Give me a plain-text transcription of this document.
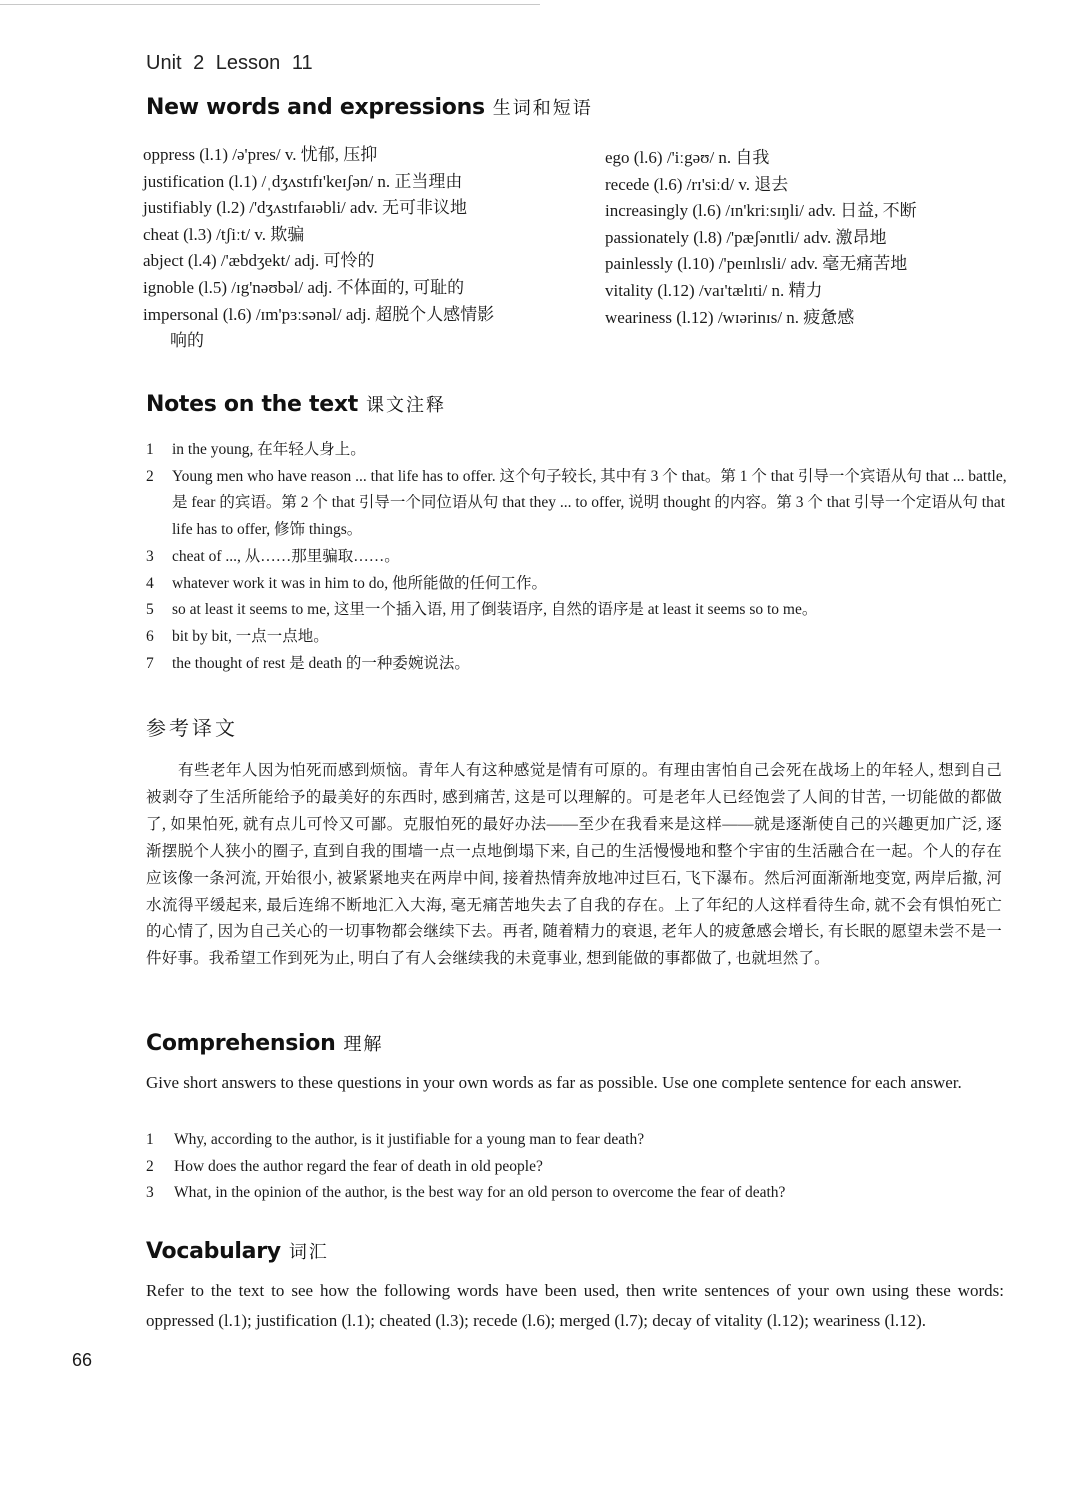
Unit 2 Lesson 11
New words and expressions 生词和短语
oppress (l.1) /ə'pres/ v. 忧郁, 压抑
justification (l.1) /ˌdʒʌstɪfɪ'keɪʃən/ n. 正当理由
justifiably (l.2) /'dʒʌstɪfaɪəbli/ adv. 无可非议地
cheat (l.3) /tʃiːt/ v. 欺骗
abject (l.4) /'æbdʒekt/ adj. 可怜的
ignoble (l.5) /ɪg'nəʊbəl/ adj. 不体面的, 可耻的
impersonal (l.6) /ɪm'pɜːsənəl/ adj. 超脱个人感情影
响的
ego (l.6) /'iːgəʊ/ n. 自我
recede (l.6) /rɪ'siːd/ v. 退去
increasingly (l.6) /ɪn'kriːsɪŋli/ adv. 日益, 不断
passionately (l.8) /'pæʃənɪtli/ adv. 激昂地
painlessly (l.10) /'peɪnlɪsli/ adv. 毫无痛苦地
vitality (l.12) /vaɪ'tælɪti/ n. 精力
weariness (l.12) /wɪərinɪs/ n. 疲惫感
Notes on the text 课文注释
1 in the young, 在年轻人身上。
2 Young men who have reason ... that life has to offer. 这个句子较长, 其中有 3 个 that。第 1 个 that 引导一个宾语从句 that ... battle, 是 fear 的宾语。第 2 个 that 引导一个同位语从句 that they ... to offer, 说明 thought 的内容。第 3 个 that 引导一个定语从句 that life has to offer, 修饰 things。
3 cheat of ..., 从……那里骗取……。
4 whatever work it was in him to do, 他所能做的任何工作。
5 so at least it seems to me, 这里一个插入语, 用了倒装语序, 自然的语序是 at least it seems so to me。
6 bit by bit, 一点一点地。
7 the thought of rest 是 death 的一种委婉说法。
参考译文
有些老年人因为怕死而感到烦恼。青年人有这种感觉是情有可原的。有理由害怕自己会死在战场上的年轻人, 想到自己被剥夺了生活所能给予的最美好的东西时, 感到痛苦, 这是可以理解的。可是老年人已经饱尝了人间的甘苦, 一切能做的都做了, 如果怕死, 就有点儿可怜又可鄙。克服怕死的最好办法——至少在我看来是这样——就是逐渐使自己的兴趣更加广泛, 逐渐摆脱个人狭小的圈子, 直到自我的围墙一点一点地倒塌下来, 自己的生活慢慢地和整个宇宙的生活融合在一起。个人的存在应该像一条河流, 开始很小, 被紧紧地夹在两岸中间, 接着热情奔放地冲过巨石, 飞下瀑布。然后河面渐渐地变宽, 两岸后撤, 河水流得平缓起来, 最后连绵不断地汇入大海, 毫无痛苦地失去了自我的存在。上了年纪的人这样看待生命, 就不会有惧怕死亡的心情了, 因为自己关心的一切事物都会继续下去。再者, 随着精力的衰退, 老年人的疲惫感会增长, 有长眠的愿望未尝不是一件好事。我希望工作到死为止, 明白了有人会继续我的未竟事业, 想到能做的事都做了, 也就坦然了。
Comprehension 理解
Give short answers to these questions in your own words as far as possible. Use one complete sentence for each answer.
1 Why, according to the author, is it justifiable for a young man to fear death?
2 How does the author regard the fear of death in old people?
3 What, in the opinion of the author, is the best way for an old person to overcome the fear of death?
Vocabulary 词汇
Refer to the text to see how the following words have been used, then write sentences of your own using these words: oppressed (l.1); justification (l.1); cheated (l.3); recede (l.6); merged (l.7); decay of vitality (l.12); weariness (l.12).
66
